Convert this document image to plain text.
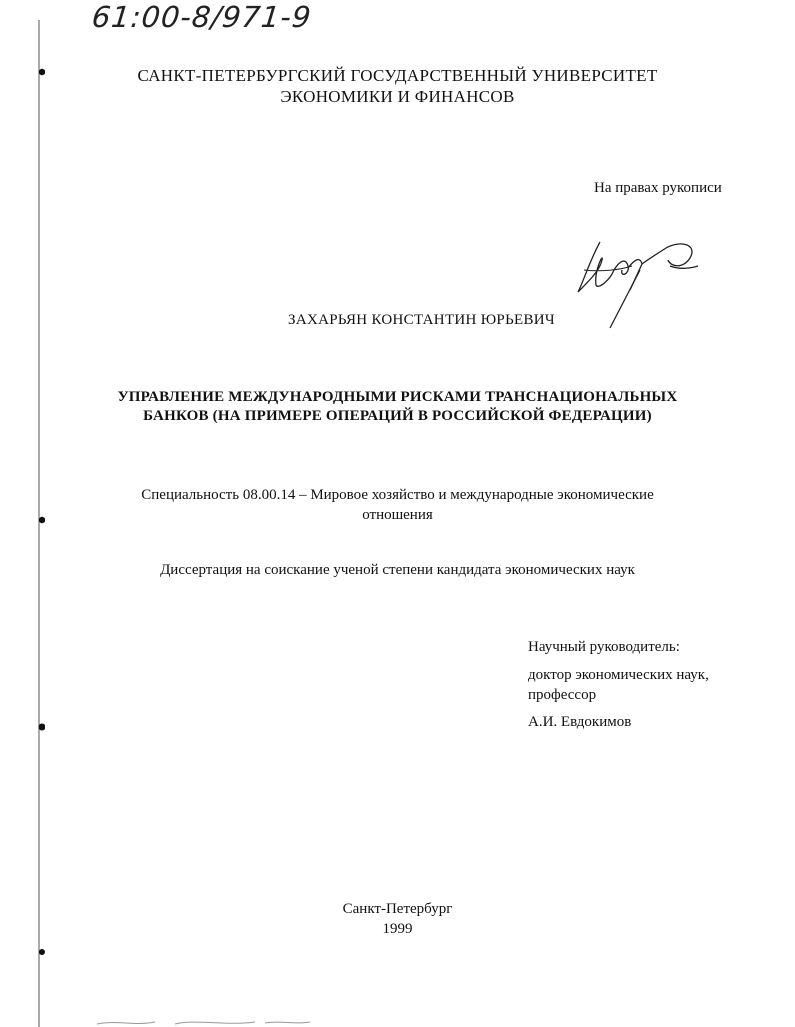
61:00-8/971-9
САНКТ-ПЕТЕРБУРГСКИЙ ГОСУДАРСТВЕННЫЙ УНИВЕРСИТЕТ
ЭКОНОМИКИ И ФИНАНСОВ
На правах рукописи
ЗАХАРЬЯН КОНСТАНТИН ЮРЬЕВИЧ
УПРАВЛЕНИЕ МЕЖДУНАРОДНЫМИ РИСКАМИ ТРАНСНАЦИОНАЛЬНЫХ
БАНКОВ (НА ПРИМЕРЕ ОПЕРАЦИЙ В РОССИЙСКОЙ ФЕДЕРАЦИИ)
Специальность 08.00.14 – Мировое хозяйство и международные экономические
отношения
Диссертация на соискание ученой степени кандидата экономических наук
Научный руководитель:
доктор экономических наук,
профессор
А.И. Евдокимов
Санкт-Петербург
1999
